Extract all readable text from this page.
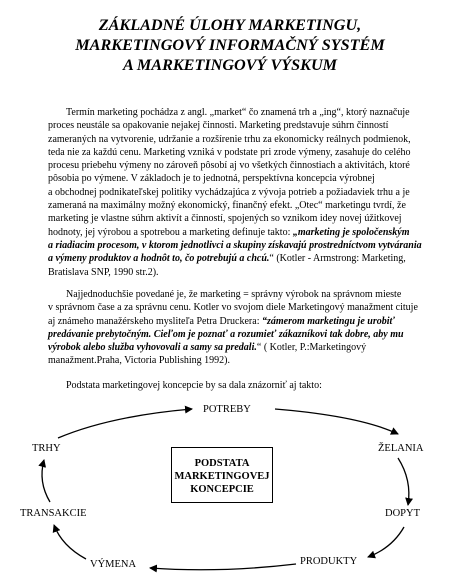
ZÁKLADNÉ ÚLOHY MARKETINGU,
MARKETINGOVÝ INFORMAČNÝ SYSTÉM
A MARKETINGOVÝ VÝSKUM
Termín marketing pochádza z angl. „market“ čo znamená trh a „ing“, ktorý naznačuje
proces neustále sa opakovanie nejakej činnosti. Marketing predstavuje súhrn činností
zameraných na vytvorenie, udržanie a rozšírenie trhu za ekonomicky reálnych podmienok,
teda nie za každú cenu. Marketing vzniká v podstate pri zrode výmeny, zasahuje do celého
procesu priebehu výmeny no zároveň pôsobí aj vo všetkých činnostiach a aktivitách, ktoré
pôsobia po výmene. V základoch je to jednotná, perspektívna koncepcia výrobnej
a obchodnej podnikateľskej politiky vychádzajúca z vývoja potrieb a požiadaviek trhu a je
zameraná na maximálny možný ekonomický, finančný efekt. „Otec“ marketingu tvrdí, že
marketing je vlastne súhrn aktivít a činností, spojených so vznikom idey novej úžitkovej
hodnoty, jej výrobou a spotrebou a marketing definuje takto: „marketing je spoločenským
a riadiacim procesom, v ktorom jednotlivci a skupiny získavajú prostredníctvom vytvárania
a výmeny produktov a hodnôt to, čo potrebujú a chcú.“ (Kotler - Armstrong: Marketing,
Bratislava SNP, 1990 str.2).
Najjednoduchšie povedané je, že marketing = správny výrobok na správnom mieste
v správnom čase a za správnu cenu. Kotler vo svojom diele Marketingový manažment cituje
aj známeho manažérskeho mysliteľa Petra Druckera: “zámerom marketingu je urobiť
predávanie prebytočným. Cieľom je poznať a rozumieť zákazníkovi tak dobre, aby mu
výrobok alebo služba vyhovovali a samy sa predali.“ ( Kotler, P.:Marketingový
manažment.Praha, Victoria Publishing 1992).
Podstata marketingovej koncepcie by sa dala znázorniť aj takto:
POTREBY
ŽELANIA
DOPYT
PRODUKTY
VÝMENA
TRANSAKCIE
TRHY
PODSTATA
MARKETINGOVEJ
KONCEPCIE
